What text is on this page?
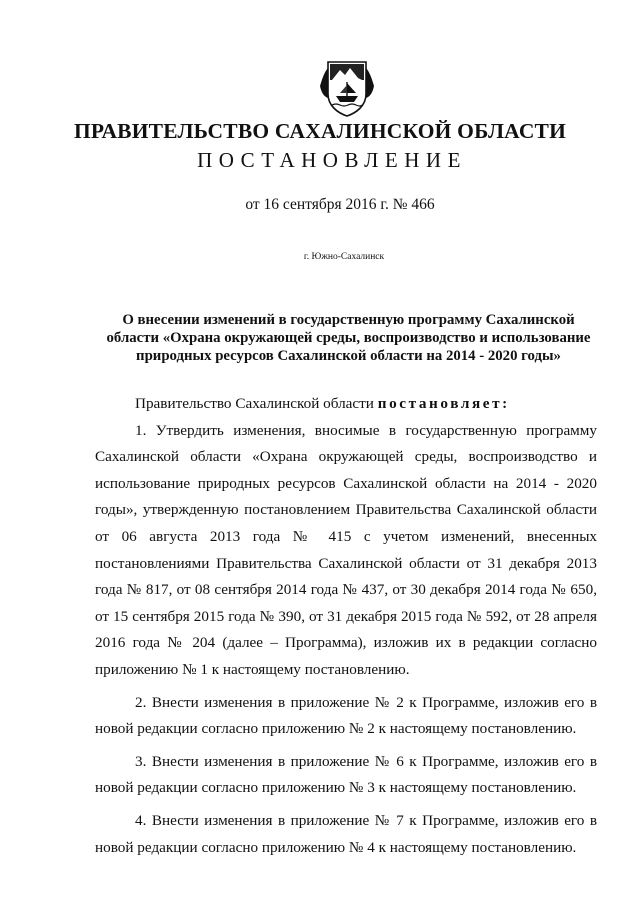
ПРАВИТЕЛЬСТВО САХАЛИНСКОЙ ОБЛАСТИ
ПОСТАНОВЛЕНИЕ
от 16 сентября 2016 г. № 466
г. Южно-Сахалинск
О внесении изменений в государственную программу Сахалинской области «Охрана окружающей среды, воспроизводство и использование природных ресурсов Сахалинской области на 2014 - 2020 годы»

Правительство Сахалинской области постановляет:

1. Утвердить изменения, вносимые в государственную программу Сахалинской области «Охрана окружающей среды, воспроизводство и использование природных ресурсов Сахалинской области на 2014 - 2020 годы», утвержденную постановлением Правительства Сахалинской области от 06 августа 2013 года № 415 с учетом изменений, внесенных постановлениями Правительства Сахалинской области от 31 декабря 2013 года № 817, от 08 сентября 2014 года № 437, от 30 декабря 2014 года № 650, от 15 сентября 2015 года № 390, от 31 декабря 2015 года № 592, от 28 апреля 2016 года № 204 (далее – Программа), изложив их в редакции согласно приложению № 1 к настоящему постановлению.

2. Внести изменения в приложение № 2 к Программе, изложив его в новой редакции согласно приложению № 2 к настоящему постановлению.

3. Внести изменения в приложение № 6 к Программе, изложив его в новой редакции согласно приложению № 3 к настоящему постановлению.

4. Внести изменения в приложение № 7 к Программе, изложив его в новой редакции согласно приложению № 4 к настоящему постановлению.
